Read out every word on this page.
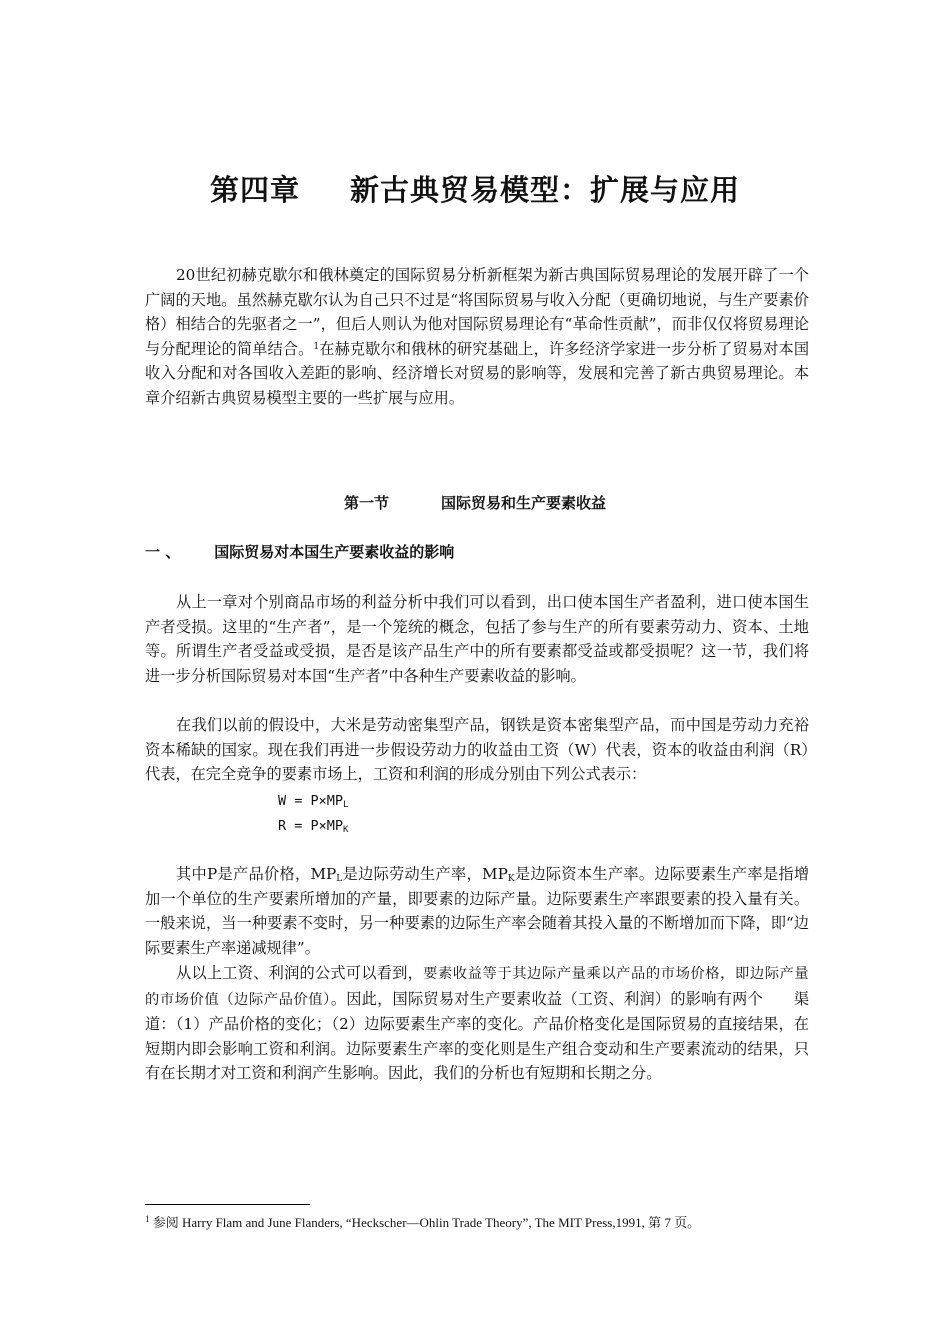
第四章 新古典贸易模型：扩展与应用

20世纪初赫克歇尔和俄林奠定的国际贸易分析新框架为新古典国际贸易理论的发展开辟了一个广阔的天地。虽然赫克歇尔认为自己只不过是“将国际贸易与收入分配（更确切地说，与生产要素价格）相结合的先驱者之一”，但后人则认为他对国际贸易理论有“革命性贡献”，而非仅仅将贸易理论与分配理论的简单结合。$^1$在赫克歇尔和俄林的研究基础上，许多经济学家进一步分析了贸易对本国收入分配和对各国收入差距的影响、经济增长对贸易的影响等，发展和完善了新古典贸易理论。本章介绍新古典贸易模型主要的一些扩展与应用。

第一节	国际贸易和生产要素收益
一 、 国际贸易对本国生产要素收益的影响

从上一章对个别商品市场的利益分析中我们可以看到，出口使本国生产者盈利，进口使本国生产者受损。这里的“生产者”，是一个笼统的概念，包括了参与生产的所有要素劳动力、资本、土地等。所谓生产者受益或受损，是否是该产品生产中的所有要素都受益或都受损呢？这一节，我们将进一步分析国际贸易对本国“生产者”中各种生产要素收益的影响。

在我们以前的假设中，大米是劳动密集型产品，钢铁是资本密集型产品，而中国是劳动力充裕资本稀缺的国家。现在我们再进一步假设劳动力的收益由工资（W）代表，资本的收益由利润（R）代表，在完全竞争的要素市场上，工资和利润的形成分别由下列公式表示：

$W = P\times MP_L$
$R = P\times MP_K$

其中P是产品价格，$MP_L$是边际劳动生产率，$MP_K$是边际资本生产率。边际要素生产率是指增加一个单位的生产要素所增加的产量，即要素的边际产量。边际要素生产率跟要素的投入量有关。一般来说，当一种要素不变时，另一种要素的边际生产率会随着其投入量的不断增加而下降，即“边际要素生产率递减规律”。

从以上工资、利润的公式可以看到，要素收益等于其边际产量乘以产品的市场价格，即边际产量的市场价值（边际产品价值）。因此，国际贸易对生产要素收益（工资、利润）的影响有两个　　渠道：（1）产品价格的变化；（2）边际要素生产率的变化。产品价格变化是国际贸易的直接结果，在短期内即会影响工资和利润。边际要素生产率的变化则是生产组合变动和生产要素流动的结果，只有在长期才对工资和利润产生影响。因此，我们的分析也有短期和长期之分。

$^1$ 参阅 Harry Flam and June Flanders, “Heckscher—Ohlin Trade Theory”, The MIT Press,1991, 第 7 页。
